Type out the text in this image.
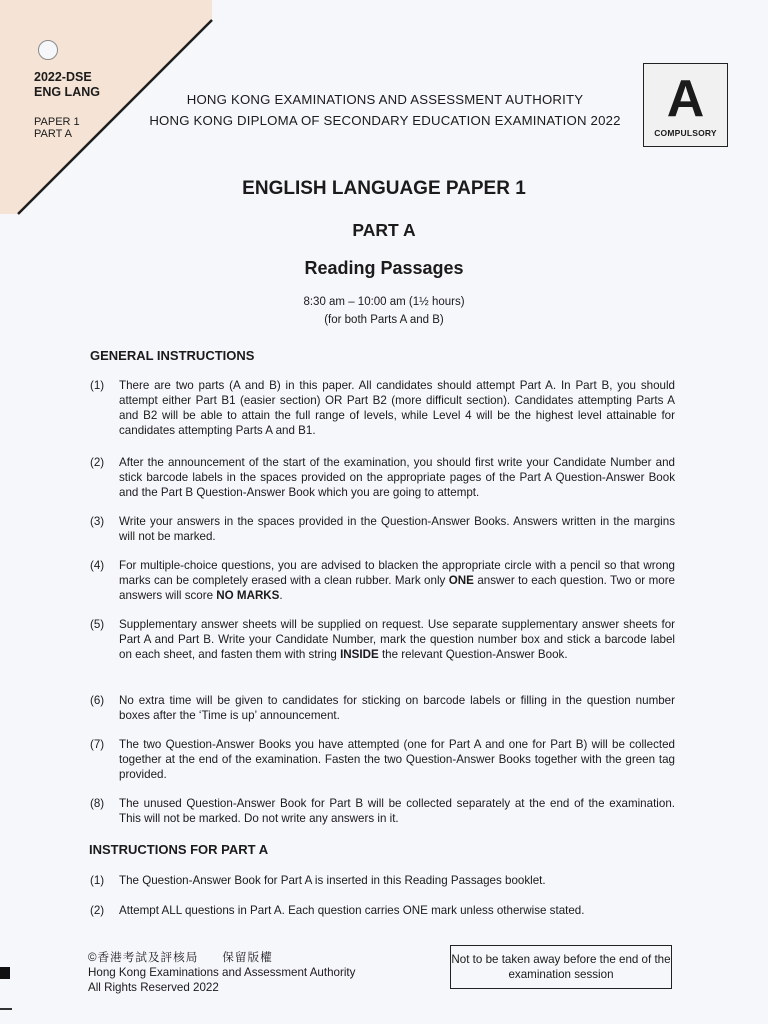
2022-DSE
ENG LANG
PAPER 1
PART A
HONG KONG EXAMINATIONS AND ASSESSMENT AUTHORITY
HONG KONG DIPLOMA OF SECONDARY EDUCATION EXAMINATION 2022 A
COMPULSORY
ENGLISH LANGUAGE PAPER 1
PART A
Reading Passages
8:30 am – 10:00 am (1½ hours)
(for both Parts A and B)
GENERAL INSTRUCTIONS
(1) There are two parts (A and B) in this paper. All candidates should attempt Part A. In Part B, you should attempt either Part B1 (easier section) OR Part B2 (more difficult section). Candidates attempting Parts A and B2 will be able to attain the full range of levels, while Level 4 will be the highest level attainable for candidates attempting Parts A and B1.
(2) After the announcement of the start of the examination, you should first write your Candidate Number and stick barcode labels in the spaces provided on the appropriate pages of the Part A Question-Answer Book and the Part B Question-Answer Book which you are going to attempt.
(3) Write your answers in the spaces provided in the Question-Answer Books. Answers written in the margins will not be marked.
(4) For multiple-choice questions, you are advised to blacken the appropriate circle with a pencil so that wrong marks can be completely erased with a clean rubber. Mark only ONE answer to each question. Two or more answers will score NO MARKS.
(5) Supplementary answer sheets will be supplied on request. Use separate supplementary answer sheets for Part A and Part B. Write your Candidate Number, mark the question number box and stick a barcode label on each sheet, and fasten them with string INSIDE the relevant Question-Answer Book.
(6) No extra time will be given to candidates for sticking on barcode labels or filling in the question number boxes after the ‘Time is up’ announcement.
(7) The two Question-Answer Books you have attempted (one for Part A and one for Part B) will be collected together at the end of the examination. Fasten the two Question-Answer Books together with the green tag provided.
(8) The unused Question-Answer Book for Part B will be collected separately at the end of the examination. This will not be marked. Do not write any answers in it.
INSTRUCTIONS FOR PART A
(1) The Question-Answer Book for Part A is inserted in this Reading Passages booklet.
(2) Attempt ALL questions in Part A. Each question carries ONE mark unless otherwise stated.
©香港考試及評核局 保留版權
Hong Kong Examinations and Assessment Authority
All Rights Reserved 2022
Not to be taken away before the end of the examination session
